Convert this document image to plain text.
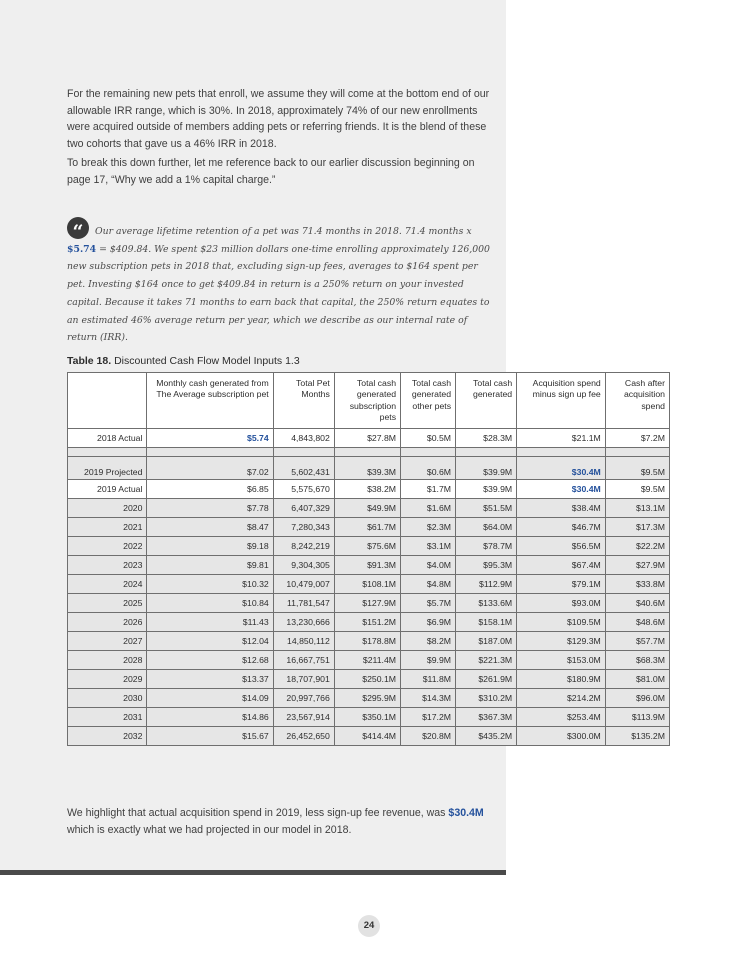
For the remaining new pets that enroll, we assume they will come at the bottom end of our allowable IRR range, which is 30%. In 2018, approximately 74% of our new enrollments were acquired outside of members adding pets or referring friends. It is the blend of these two cohorts that gave us a 46% IRR in 2018.

To break this down further, let me reference back to our earlier discussion beginning on page 17, “Why we add a 1% capital charge.”

“ Our average lifetime retention of a pet was 71.4 months in 2018. 71.4 months x $5.74 = $409.84. We spent $23 million dollars one-time enrolling approximately 126,000 new subscription pets in 2018 that, excluding sign-up fees, averages to $164 spent per pet. Investing $164 once to get $409.84 in return is a 250% return on your invested capital. Because it takes 71 months to earn back that capital, the 250% return equates to an estimated 46% average return per year, which we describe as our internal rate of return (IRR).

Table 18. Discounted Cash Flow Model Inputs 1.3
	Monthly cash generated from The Average subscription pet	Total Pet Months	Total cash generated subscription pets	Total cash generated other pets	Total cash generated	Acquisition spend minus sign up fee	Cash after acquisition spend
2018 Actual	$5.74	4,843,802	$27.8M	$0.5M	$28.3M	$21.1M	$7.2M

2019 Projected	$7.02	5,602,431	$39.3M	$0.6M	$39.9M	$30.4M	$9.5M
2019 Actual	$6.85	5,575,670	$38.2M	$1.7M	$39.9M	$30.4M	$9.5M
2020	$7.78	6,407,329	$49.9M	$1.6M	$51.5M	$38.4M	$13.1M
2021	$8.47	7,280,343	$61.7M	$2.3M	$64.0M	$46.7M	$17.3M
2022	$9.18	8,242,219	$75.6M	$3.1M	$78.7M	$56.5M	$22.2M
2023	$9.81	9,304,305	$91.3M	$4.0M	$95.3M	$67.4M	$27.9M
2024	$10.32	10,479,007	$108.1M	$4.8M	$112.9M	$79.1M	$33.8M
2025	$10.84	11,781,547	$127.9M	$5.7M	$133.6M	$93.0M	$40.6M
2026	$11.43	13,230,666	$151.2M	$6.9M	$158.1M	$109.5M	$48.6M
2027	$12.04	14,850,112	$178.8M	$8.2M	$187.0M	$129.3M	$57.7M
2028	$12.68	16,667,751	$211.4M	$9.9M	$221.3M	$153.0M	$68.3M
2029	$13.37	18,707,901	$250.1M	$11.8M	$261.9M	$180.9M	$81.0M
2030	$14.09	20,997,766	$295.9M	$14.3M	$310.2M	$214.2M	$96.0M
2031	$14.86	23,567,914	$350.1M	$17.2M	$367.3M	$253.4M	$113.9M
2032	$15.67	26,452,650	$414.4M	$20.8M	$435.2M	$300.0M	$135.2M

We highlight that actual acquisition spend in 2019, less sign-up fee revenue, was $30.4M which is exactly what we had projected in our model in 2018.

24
